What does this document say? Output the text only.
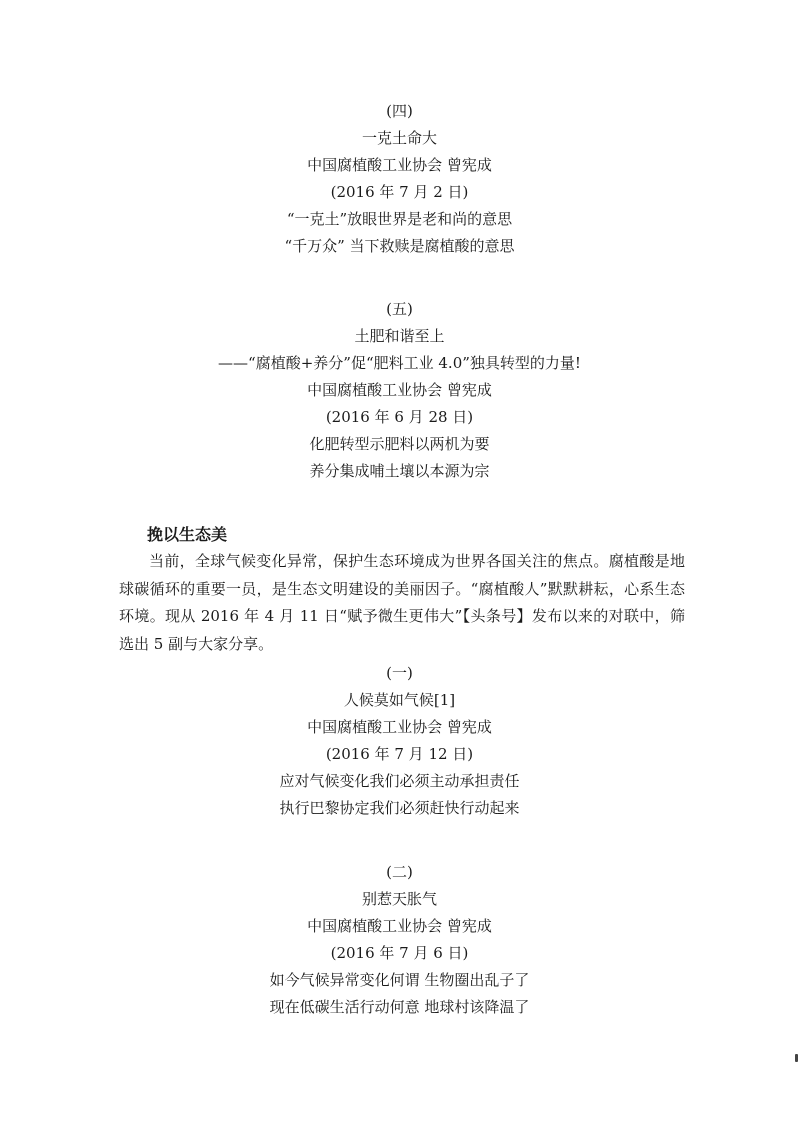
(四)
一克土命大
中国腐植酸工业协会 曾宪成
(2016 年 7 月 2 日)
“一克土”放眼世界是老和尚的意思
“千万众” 当下救赎是腐植酸的意思
(五)
土肥和谐至上
——“腐植酸+养分”促“肥料工业 4.0”独具转型的力量!
中国腐植酸工业协会 曾宪成
(2016 年 6 月 28 日)
化肥转型示肥料以两机为要
养分集成哺土壤以本源为宗
挽以生态美
当前，全球气候变化异常，保护生态环境成为世界各国关注的焦点。腐植酸是地球碳循环的重要一员，是生态文明建设的美丽因子。“腐植酸人”默默耕耘，心系生态环境。现从 2016 年 4 月 11 日“赋予微生更伟大”【头条号】发布以来的对联中，筛选出 5 副与大家分享。
(一)
人候莫如气候[1]
中国腐植酸工业协会 曾宪成
(2016 年 7 月 12 日)
应对气候变化我们必须主动承担责任
执行巴黎协定我们必须赶快行动起来
(二)
别惹天胀气
中国腐植酸工业协会 曾宪成
(2016 年 7 月 6 日)
如今气候异常变化何谓 生物圈出乱子了
现在低碳生活行动何意 地球村该降温了
